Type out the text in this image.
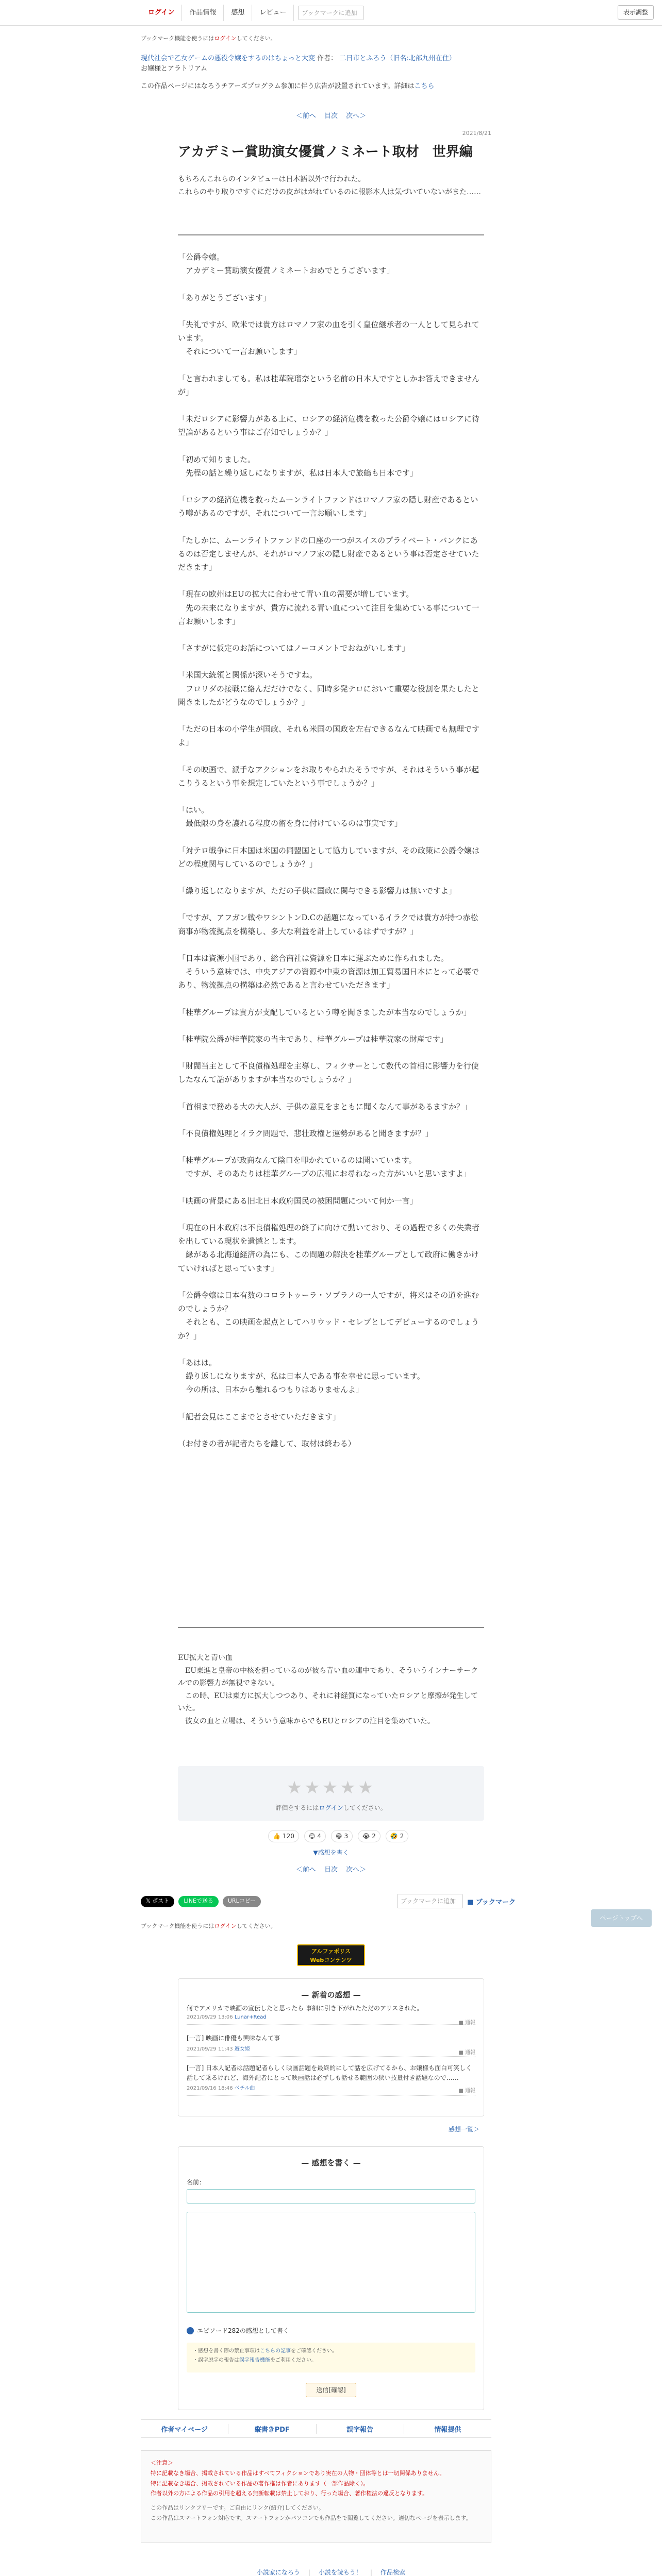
ログイン	作品情報	感想	レビュー	ブックマークに追加	表示調整
ブックマーク機能を使うにはログインしてください。
現代社会で乙女ゲームの悪役令嬢をするのはちょっと大変 作者： 二日市とふろう（旧名:北部九州在住）
お嬢様とアラトリアム
この作品ページにはなろうチアーズプログラム参加に伴う広告が設置されています。詳細はこちら
＜前へ 目次 次へ＞
2021/8/21
アカデミー賞助演女優賞ノミネート取材　世界編
もちろんこれらのインタビューは日本語以外で行われた。
これらのやり取りですぐにだけの皮がはがれているのに報影本人は気づいていないがまた……
「公爵令嬢。
　アカデミー賞助演女優賞ノミネートおめでとうございます」
「ありがとうございます」
「失礼ですが、欧米では貴方はロマノフ家の血を引く皇位継承者の一人として見られています。
　それについて一言お願いします」
「と言われましても。私は桂華院瑠奈という名前の日本人ですとしかお答えできませんが」
「未だロシアに影響力がある上に、ロシアの経済危機を救った公爵令嬢にはロシアに待望論があるという事はご存知でしょうか？」
「初めて知りました。
　先程の話と繰り返しになりますが、私は日本人で旅鶴も日本です」
「ロシアの経済危機を救ったムーンライトファンドはロマノフ家の隠し財産であるという噂があるのですが、それについて一言お願いします」
「たしかに、ムーンライトファンドの口座の一つがスイスのプライベート・バンクにあるのは否定しませんが、それがロマノフ家の隠し財産であるという事は否定させていただきます」
「現在の欧州はEUの拡大に合わせて青い血の需要が増しています。
　先の未来になりますが、貴方に流れる青い血について注目を集めている事について一言お願いします」
「さすがに仮定のお話についてはノーコメントでおねがいします」
「米国大統領と関係が深いそうですね。
　フロリダの接戦に絡んだだけでなく、同時多発テロにおいて重要な役割を果たしたと聞きましたがどうなのでしょうか？」
「ただの日本の小学生が国政、それも米国の国政を左右できるなんて映画でも無理ですよ」
「その映画で、派手なアクションをお取りやられたそうですが、それはそういう事が起こりうるという事を想定していたという事でしょうか？」
「はい。
　最低限の身を護れる程度の術を身に付けているのは事実です」
「対テロ戦争に日本国は米国の同盟国として協力していますが、その政策に公爵令嬢はどの程度関与しているのでしょうか？」
「繰り返しになりますが、ただの子供に国政に関与できる影響力は無いですよ」
「ですが、アフガン戦やワシントンD.Cの話題になっているイラクでは貴方が持つ赤松商事が物流拠点を構築し、多大な利益を計上しているはずですが？」
「日本は資源小国であり、総合商社は資源を日本に運ぶために作られました。
　そういう意味では、中央アジアの資源や中東の資源は加工貿易国日本にとって必要であり、物流拠点の構築は必然であると言わせていただきます」
「桂華グループは貴方が支配しているという噂を聞きましたが本当なのでしょうか」
「桂華院公爵が桂華院家の当主であり、桂華グループは桂華院家の財産です」
「財閥当主として不良債権処理を主導し、フィクサーとして数代の首相に影響力を行使したなんて話がありますが本当なのでしょうか？」
「首相まで務める大の大人が、子供の意見をまともに聞くなんて事があるますか？」
「不良債権処理とイラク問題で、悲壮政権と運勢があると聞きますが？」
「桂華グループが政商なんて陰口を叩かれているのは聞いています。
　ですが、そのあたりは桂華グループの広報にお尋ねなった方がいいと思いますよ」
「映画の背景にある旧北日本政府国民の被困問題について何か一言」
「現在の日本政府は不良債権処理の終了に向けて動いており、その過程で多くの失業者を出している現状を遺憾とします。
　縁がある北海道経済の為にも、この問題の解決を桂華グループとして政府に働きかけていければと思っています」
「公爵令嬢は日本有数のコロラトゥーラ・ソプラノの一人ですが、将来はその道を進むのでしょうか？
　それとも、この映画を起点としてハリウッド・セレブとしてデビューするのでしょうか？」
「あはは。
　繰り返しになりますが、私は日本人である事を幸せに思っています。
　今の所は、日本から離れるつもりはありませんよ」
「記者会見はここまでとさせていただきます」
（お付きの者が記者たちを離して、取材は終わる）
EU拡大と青い血
　EU東進と皇帝の中核を担っているのが彼ら青い血の連中であり、そういうインナーサークルでの影響力が無視できない。
　この時、EUは東方に拡大しつつあり、それに神経質になっていたロシアと摩擦が発生していた。
　彼女の血と立場は、そういう意味からでもEUとロシアの注目を集めていた。
★★★★★
評価をするにはログインしてください。
👍 120	😊 4	😄 3	😭 2	🤣 2
▼感想を書く
＜前へ 目次 次へ＞
𝕏 ポスト	LINEで送る	URLコピー	ブックマークに追加	■ ブックマーク
ページトップへ
ブックマーク機能を使うにはログインしてください。
アルファポリス
Webコンテンツ
— 新着の感想 —
何でアメリカで映画の宣伝したと思ったら 事細に引き下がれたただのアリスされた。
2021/09/29 13:06 Lunar+Read
■ 通報
[一言] 映画に俳優も興味なんて事
2021/09/29 11:43 遊女姫
■ 通報
[一言] 日本人記者は話題記者らしく映画話題を最終的にして話を広げてるから、お嬢様も面白可笑しく話して乗るけれど、海外記者にとって映画話は必ずしも話せる範囲の狭い技量付き話題なので……
2021/09/16 18:46 ベチル曲	■ 通報
感想一覧＞
— 感想を書く —
名前：
エピソード282の感想として書く
・感想を書く際の禁止事項はこちらの記事をご確認ください。
・誤字脱字の報告は誤字報告機能をご利用ください。
送信[確認]
作者マイページ	縦書きPDF	誤字報告	情報提供
＜注意＞
特に記載なき場合、掲載されている作品はすべてフィクションであり実在の人物・団体等とは一切関係ありません。
特に記載なき場合、掲載されている作品の著作権は作者にあります（一部作品除く）。
作者以外の方による作品の引用を超える無断転載は禁止しており、行った場合、著作権法の違反となります。
この作品はリンクフリーです。ご自由にリンク(紹介)してください。
この作品はスマートフォン対応です。スマートフォンかパソコンでも作品をで閲覧してください。適切なページを表示します。
小説家になろう | 小説を読もう！ | 作品検索
